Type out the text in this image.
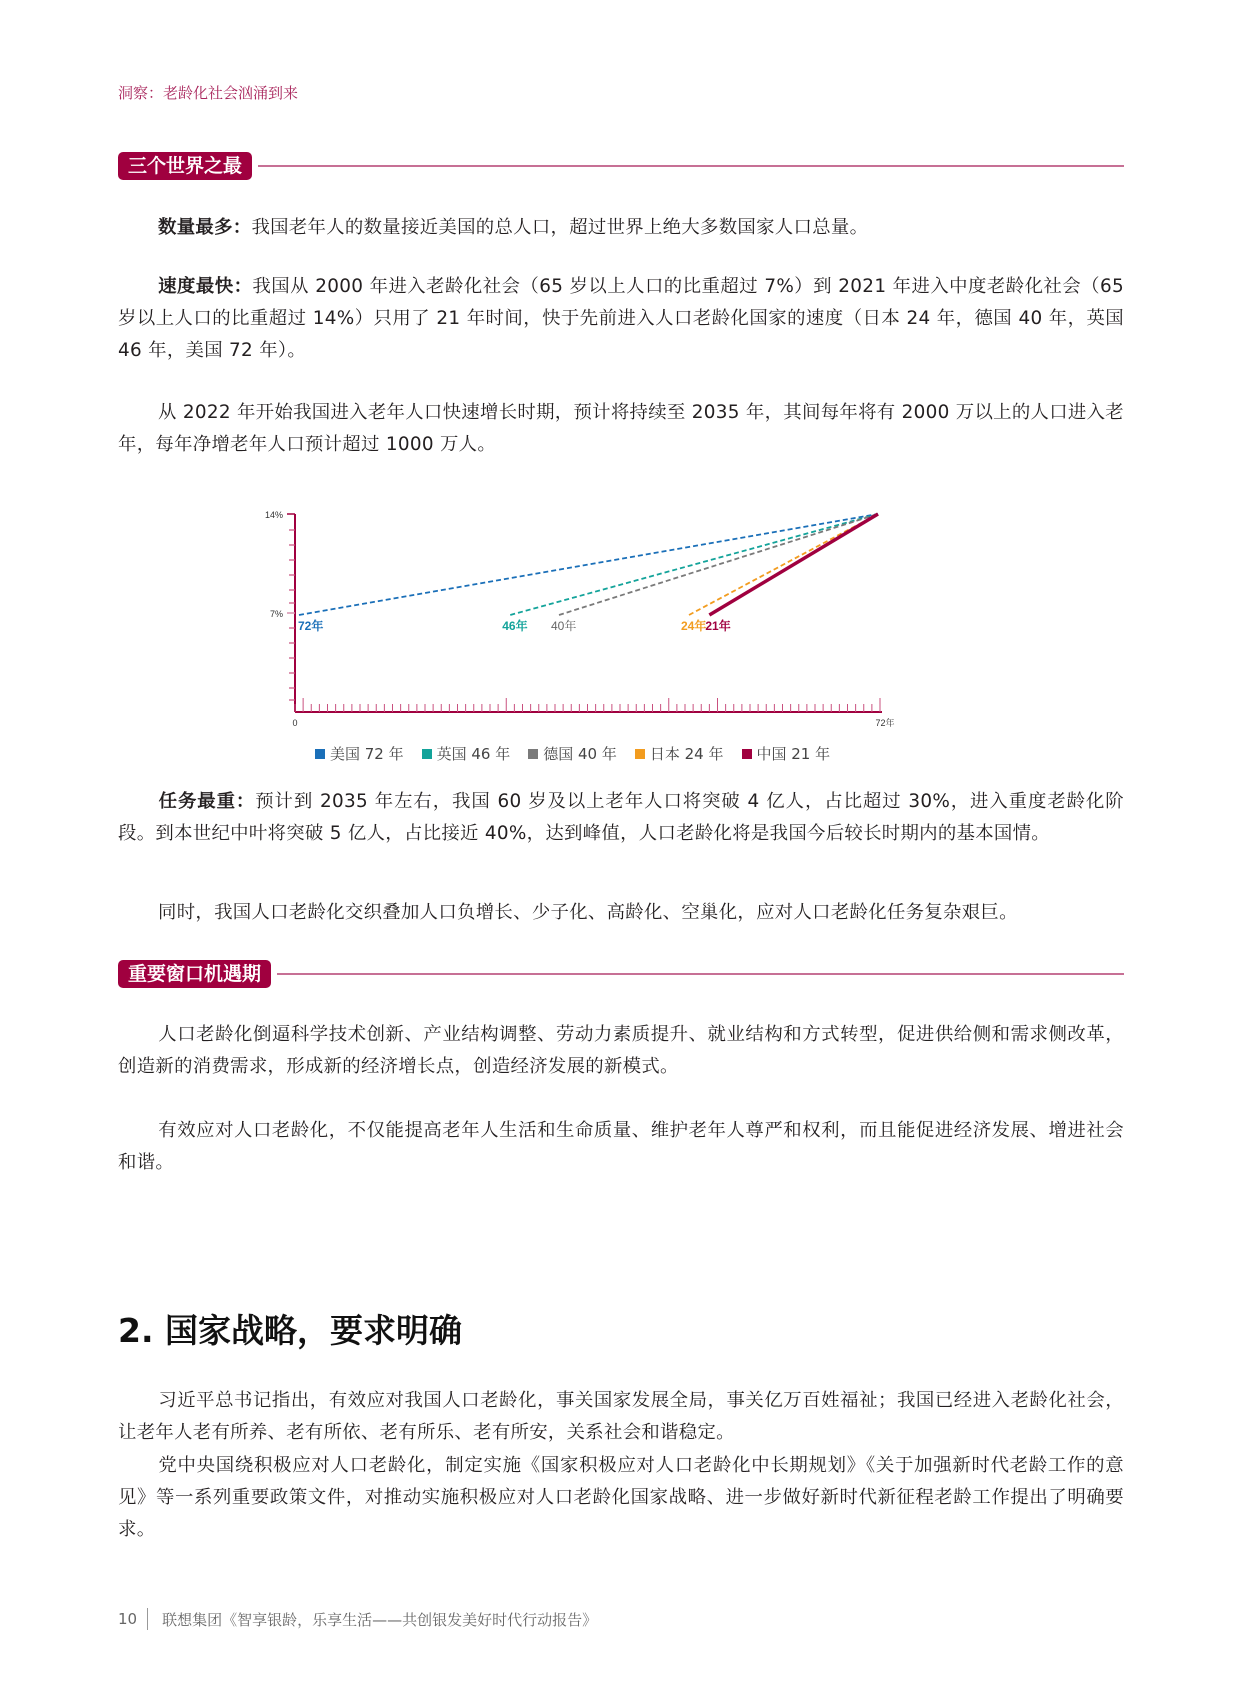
洞察：老龄化社会汹涌到来
三个世界之最
数量最多：我国老年人的数量接近美国的总人口，超过世界上绝大多数国家人口总量。
速度最快：我国从 2000 年进入老龄化社会（65 岁以上人口的比重超过 7%）到 2021 年进入中度老龄化社会（65 岁以上人口的比重超过 14%）只用了 21 年时间，快于先前进入人口老龄化国家的速度（日本 24 年，德国 40 年，英国 46 年，美国 72 年）。
从 2022 年开始我国进入老年人口快速增长时期，预计将持续至 2035 年，其间每年将有 2000 万以上的人口进入老年，每年净增老年人口预计超过 1000 万人。
14%
7%
0	72年
72年	46年 40年	24年 21年
美国 72 年 英国 46 年 德国 40 年 日本 24 年 中国 21 年
任务最重：预计到 2035 年左右，我国 60 岁及以上老年人口将突破 4 亿人，占比超过 30%，进入重度老龄化阶段。到本世纪中叶将突破 5 亿人，占比接近 40%，达到峰值，人口老龄化将是我国今后较长时期内的基本国情。
同时，我国人口老龄化交织叠加人口负增长、少子化、高龄化、空巢化，应对人口老龄化任务复杂艰巨。
重要窗口机遇期
人口老龄化倒逼科学技术创新、产业结构调整、劳动力素质提升、就业结构和方式转型，促进供给侧和需求侧改革，创造新的消费需求，形成新的经济增长点，创造经济发展的新模式。
有效应对人口老龄化，不仅能提高老年人生活和生命质量、维护老年人尊严和权利，而且能促进经济发展、增进社会和谐。
2. 国家战略，要求明确
习近平总书记指出，有效应对我国人口老龄化，事关国家发展全局，事关亿万百姓福祉；我国已经进入老龄化社会，让老年人老有所养、老有所依、老有所乐、老有所安，关系社会和谐稳定。
党中央国绕积极应对人口老龄化，制定实施《国家积极应对人口老龄化中长期规划》《关于加强新时代老龄工作的意见》等一系列重要政策文件，对推动实施积极应对人口老龄化国家战略、进一步做好新时代新征程老龄工作提出了明确要求。
10 联想集团《智享银龄，乐享生活——共创银发美好时代行动报告》
